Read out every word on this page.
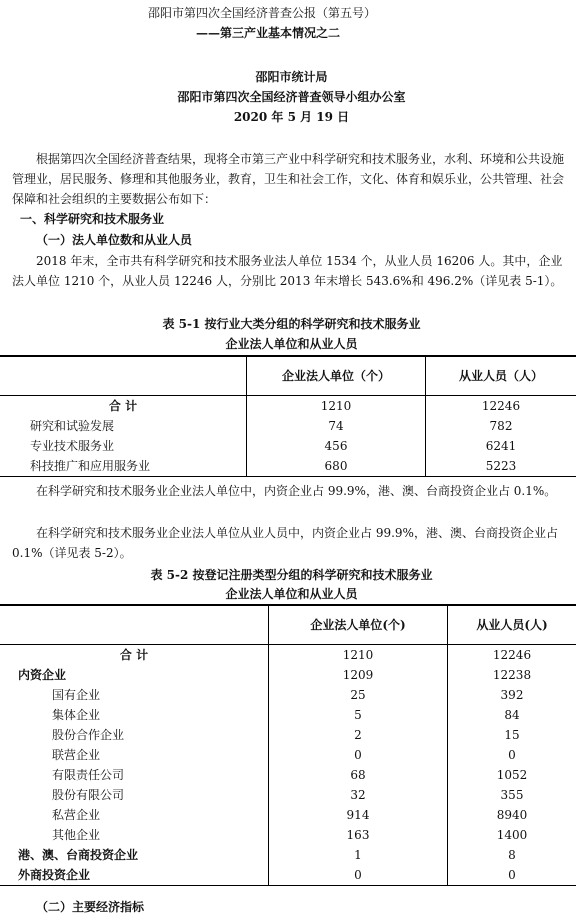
邵阳市第四次全国经济普查公报（第五号）
——第三产业基本情况之二
邵阳市统计局
邵阳市第四次全国经济普查领导小组办公室
2020 年 5 月 19 日

根据第四次全国经济普查结果，现将全市第三产业中科学研究和技术服务业，水利、环境和公共设施管理业，居民服务、修理和其他服务业，教育，卫生和社会工作，文化、体育和娱乐业，公共管理、社会保障和社会组织的主要数据公布如下：

一、科学研究和技术服务业
（一）法人单位数和从业人员

2018 年末，全市共有科学研究和技术服务业法人单位 1534 个，从业人员 16206 人。其中，企业法人单位 1210 个，从业人员 12246 人，分别比 2013 年末增长 543.6%和 496.2%（详见表 5-1）。

表 5-1 按行业大类分组的科学研究和技术服务业
企业法人单位和从业人员
	企业法人单位（个）	从业人员（人）
合 计	1210	12246
研究和试验发展	74	782
专业技术服务业	456	6241
科技推广和应用服务业	680	5223

在科学研究和技术服务业企业法人单位中，内资企业占 99.9%，港、澳、台商投资企业占 0.1%。

在科学研究和技术服务业企业法人单位从业人员中，内资企业占 99.9%，港、澳、台商投资企业占 0.1%（详见表 5-2）。

表 5-2 按登记注册类型分组的科学研究和技术服务业
企业法人单位和从业人员
	企业法人单位(个)	从业人员(人)
合 计	1210	12246
内资企业	1209	12238
国有企业	25	392
集体企业	5	84
股份合作企业	2	15
联营企业	0	0
有限责任公司	68	1052
股份有限公司	32	355
私营企业	914	8940
其他企业	163	1400
港、澳、台商投资企业	1	8
外商投资企业	0	0
（二）主要经济指标
